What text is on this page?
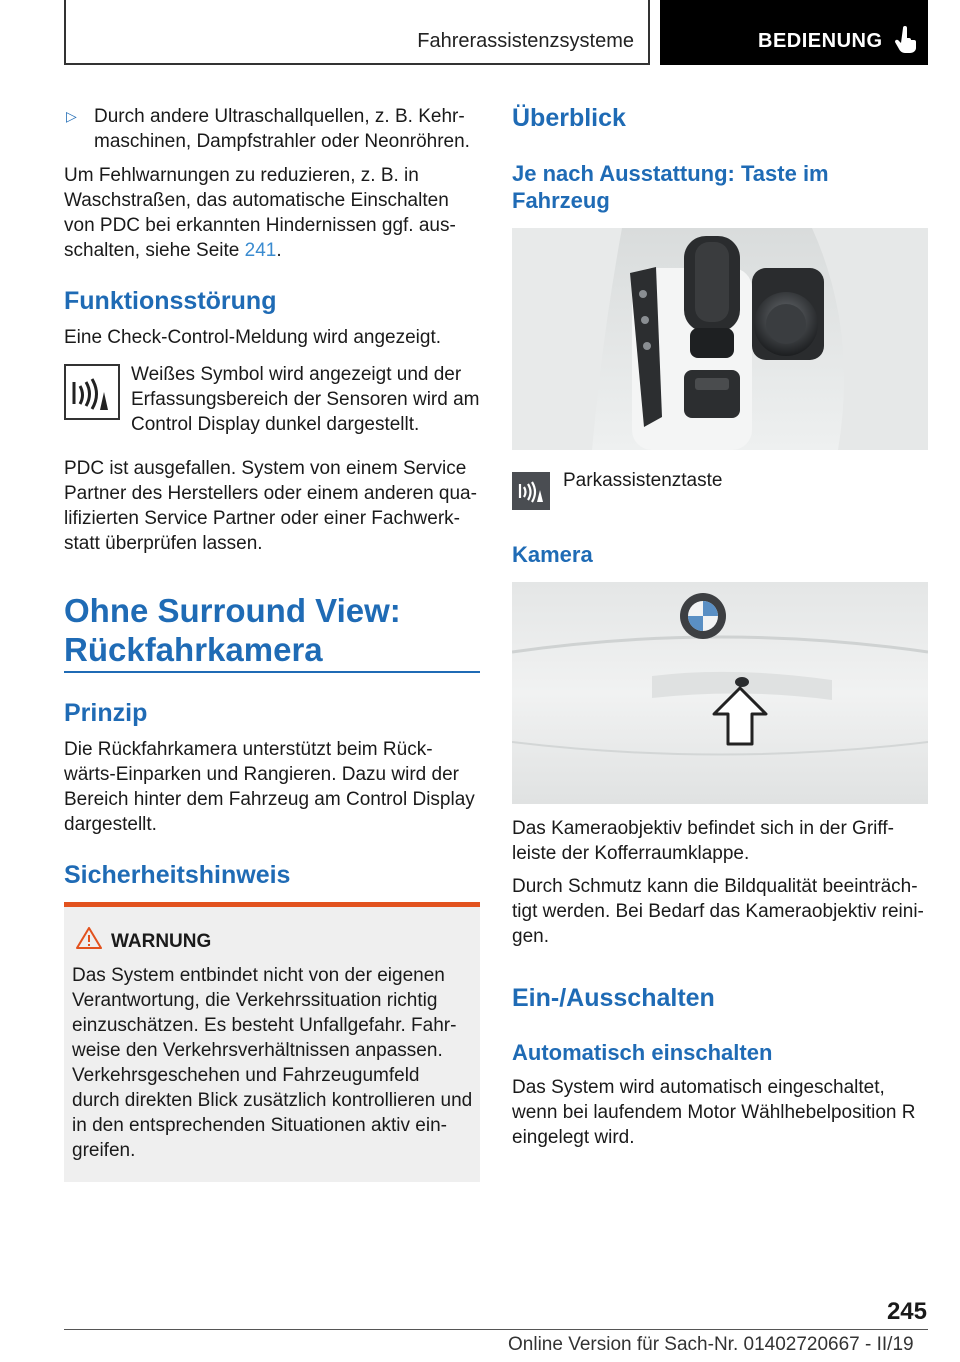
Fahrerassistenzsysteme	BEDIENUNG
▷ Durch andere Ultraschallquellen, z. B. Kehr-
maschinen, Dampfstrahler oder Neonröhren.
Um Fehlwarnungen zu reduzieren, z. B. in
Waschstraßen, das automatische Einschalten
von PDC bei erkannten Hindernissen ggf. aus-
schalten, siehe Seite 241.
Funktionsstörung
Eine Check-Control-Meldung wird angezeigt.
Weißes Symbol wird angezeigt und der
Erfassungsbereich der Sensoren wird am
Control Display dunkel dargestellt.
PDC ist ausgefallen. System von einem Service
Partner des Herstellers oder einem anderen qua-
lifizierten Service Partner oder einer Fachwerk-
statt überprüfen lassen.
Ohne Surround View:
Rückfahrkamera
Prinzip
Die Rückfahrkamera unterstützt beim Rück-
wärts-Einparken und Rangieren. Dazu wird der
Bereich hinter dem Fahrzeug am Control Display
dargestellt.
Sicherheitshinweis
WARNUNG
Das System entbindet nicht von der eigenen
Verantwortung, die Verkehrssituation richtig
einzuschätzen. Es besteht Unfallgefahr. Fahr-
weise den Verkehrsverhältnissen anpassen.
Verkehrsgeschehen und Fahrzeugumfeld
durch direkten Blick zusätzlich kontrollieren und
in den entsprechenden Situationen aktiv ein-
greifen.
Überblick
Je nach Ausstattung: Taste im
Fahrzeug
Parkassistenztaste
Kamera
Das Kameraobjektiv befindet sich in der Griff-
leiste der Kofferraumklappe.
Durch Schmutz kann die Bildqualität beeinträch-
tigt werden. Bei Bedarf das Kameraobjektiv reini-
gen.
Ein-/Ausschalten
Automatisch einschalten
Das System wird automatisch eingeschaltet,
wenn bei laufendem Motor Wählhebelposition R
eingelegt wird.
245
Online Version für Sach-Nr. 01402720667 - II/19
